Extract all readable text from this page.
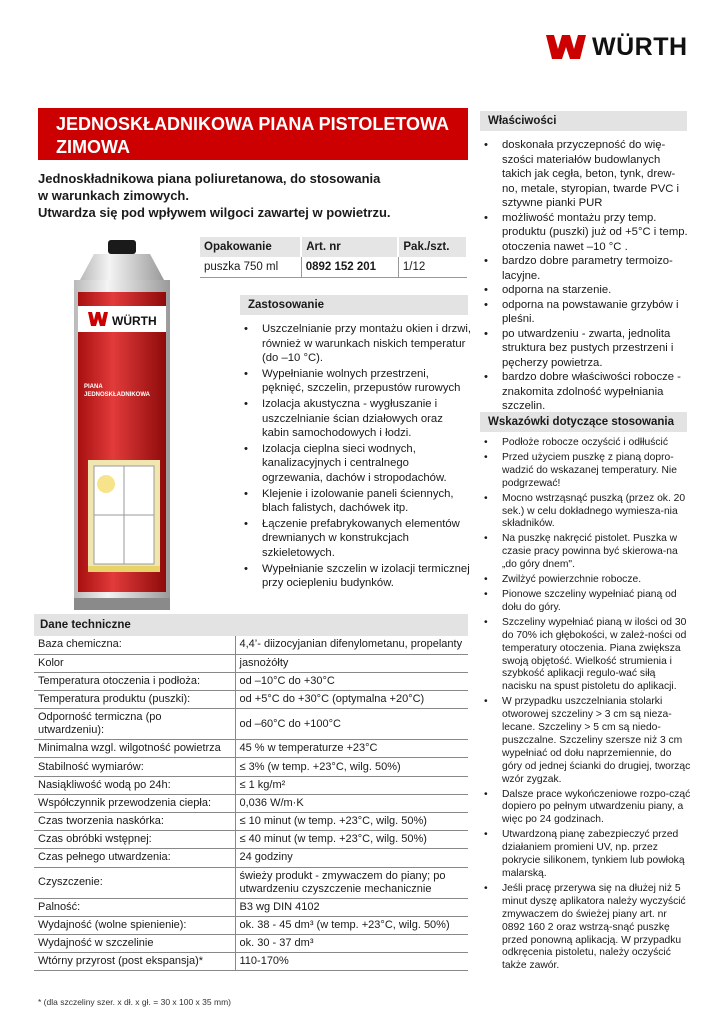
WÜRTH
JEDNOSKŁADNIKOWA PIANA PISTOLETOWA
ZIMOWA

Jednoskładnikowa piana poliuretanowa, do stosowania

w warunkach zimowych.

Utwardza się pod wpływem wilgoci zawartej w powietrzu.

Opakowanie	Art. nr	Pak./szt.
puszka 750 ml	0892 152 201	1/12
WÜRTH
PIANA
JEDNOSKŁADNIKOWA
Zastosowanie
• Uszczelnianie przy montażu okien i drzwi, również w warunkach niskich temperatur (do –10 °C).
• Wypełnianie wolnych przestrzeni, pęknięć, szczelin, przepustów rurowych
• Izolacja akustyczna - wygłuszanie i uszczelnianie ścian działowych oraz kabin samochodowych i łodzi.
• Izolacja cieplna sieci wodnych, kanalizacyjnych i centralnego ogrzewania, dachów i stropodachów.
• Klejenie i izolowanie paneli ściennych, blach falistych, dachówek itp.
• Łączenie prefabrykowanych elementów drewnianych w konstrukcjach szkieletowych.
• Wypełnianie szczelin w izolacji termicznej przy ociepleniu budynków.
Właściwości
• doskonała przyczepność do wię-szości materiałów budowlanych takich jak cegła, beton, tynk, drew-no, metale, styropian, twarde PVC i sztywne pianki PUR
• możliwość montażu przy temp. produktu (puszki) już od +5°C i temp. otoczenia nawet –10 °C .
• bardzo dobre parametry termoizo-lacyjne.
• odporna na starzenie.
• odporna na powstawanie grzybów i pleśni.
• po utwardzeniu - zwarta, jednolita struktura bez pustych przestrzeni i pęcherzy powietrza.
• bardzo dobre właściwości robocze - znakomita zdolność wypełniania szczelin.
Wskazówki dotyczące stosowania
• Podłoże robocze oczyścić i odłłuścić
• Przed użyciem puszkę z pianą dopro-wadzić do wskazanej temperatury. Nie podgrzewać!
• Mocno wstrząsnąć puszką (przez ok. 20 sek.) w celu dokładnego wymiesza-nia składników.
• Na puszkę nakręcić pistolet. Puszka w czasie pracy powinna być skierowa-na „do góry dnem".
• Zwilżyć powierzchnie robocze.
• Pionowe szczeliny wypełniać pianą od dołu do góry.
• Szczeliny wypełniać pianą w ilości od 30 do 70% ich głębokości, w zależ-ności od temperatury otoczenia. Piana zwiększa swoją objętość. Wielkość strumienia i szybkość aplikacji regulo-wać siłą nacisku na spust pistoletu do aplikacji.
• W przypadku uszczelniania stolarki otworowej szczeliny > 3 cm są nieza-lecane. Szczeliny > 5 cm są niedo-puszczalne. Szczeliny szersze niż 3 cm wypełniać od dołu naprzemiennie, do góry od jednej ścianki do drugiej, tworząc wzór zygzak.
• Dalsze prace wykończeniowe rozpo-cząć dopiero po pełnym utwardzeniu piany, a więc po 24 godzinach.
• Utwardzoną pianę zabezpieczyć przed działaniem promieni UV, np. przez pokrycie silikonem, tynkiem lub powłoką malarską.
• Jeśli pracę przerywa się na dłużej niż 5 minut dyszę aplikatora należy wyczyścić zmywaczem do świeżej piany art. nr 0892 160 2 oraz wstrzą-snąć puszkę przed ponowną aplikacją. W przypadku odkręcenia pistoletu, należy oczyścić także zawór.
Dane techniczne
Baza chemiczna:	4,4’- diizocyjanian difenylometanu, propelanty
Kolor	jasnożółty
Temperatura otoczenia i podłoża:	od –10°C do +30°C
Temperatura produktu (puszki):	od +5°C do +30°C (optymalna +20°C)
Odporność termiczna (po utwardzeniu):	od –60°C do +100°C
Minimalna wzgl. wilgotność powietrza	45 % w temperaturze +23°C
Stabilność wymiarów:	≤ 3% (w temp. +23°C, wilg. 50%)
Nasiąkliwość wodą po 24h:	≤ 1 kg/m²
Współczynnik przewodzenia ciepła:	0,036 W/m·K
Czas tworzenia naskórka:	≤ 10 minut (w temp. +23°C, wilg. 50%)
Czas obróbki wstępnej:	≤ 40 minut (w temp. +23°C, wilg. 50%)
Czas pełnego utwardzenia:	24 godziny
Czyszczenie:	świeży produkt - zmywaczem do piany; po utwardzeniu czyszczenie mechanicznie
Palność:	B3 wg DIN 4102
Wydajność (wolne spienienie):	ok. 38 - 45 dm³ (w temp. +23°C, wilg. 50%)
Wydajność w szczelinie	ok. 30 - 37 dm³
Wtórny przyrost (post ekspansja)*	110-170%
* (dla szczeliny szer. x dł. x gł. = 30 x 100 x 35 mm)
